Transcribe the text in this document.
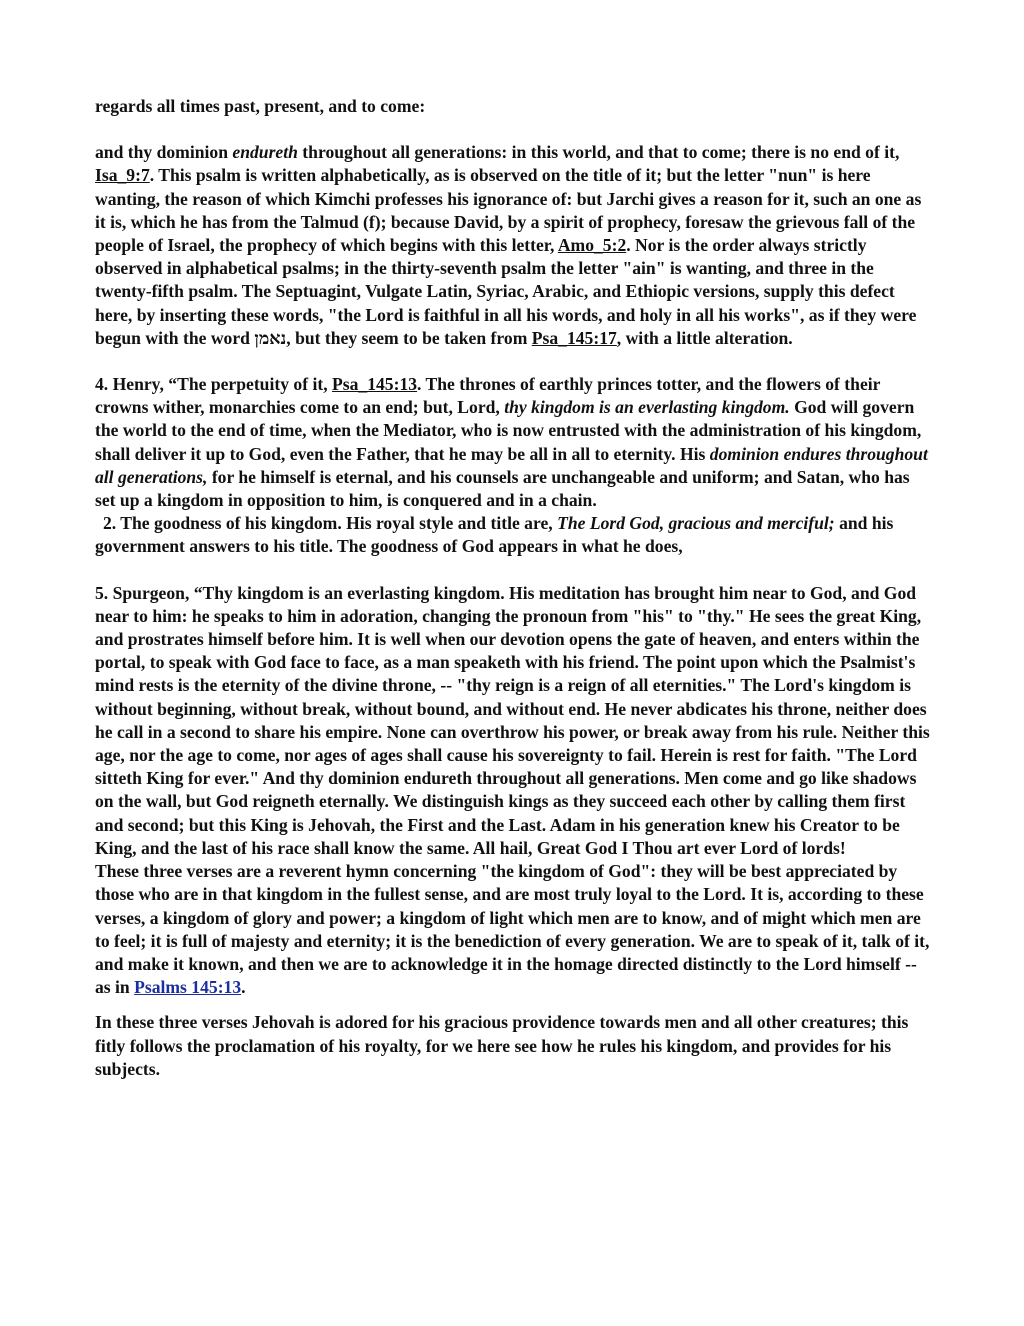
regards all times past, present, and to come:

and thy dominion endureth throughout all generations: in this world, and that to come; there is no end of it, Isa_9:7. This psalm is written alphabetically, as is observed on the title of it; but the letter "nun" is here wanting, the reason of which Kimchi professes his ignorance of: but Jarchi gives a reason for it, such an one as it is, which he has from the Talmud (f); because David, by a spirit of prophecy, foresaw the grievous fall of the people of Israel, the prophecy of which begins with this letter, Amo_5:2. Nor is the order always strictly observed in alphabetical psalms; in the thirty-seventh psalm the letter "ain" is wanting, and three in the twenty-fifth psalm. The Septuagint, Vulgate Latin, Syriac, Arabic, and Ethiopic versions, supply this defect here, by inserting these words, "the Lord is faithful in all his words, and holy in all his works", as if they were begun with the word נאמן, but they seem to be taken from Psa_145:17, with a little alteration.

4. Henry, “The perpetuity of it, Psa_145:13. The thrones of earthly princes totter, and the flowers of their crowns wither, monarchies come to an end; but, Lord, thy kingdom is an everlasting kingdom. God will govern the world to the end of time, when the Mediator, who is now entrusted with the administration of his kingdom, shall deliver it up to God, even the Father, that he may be all in all to eternity. His dominion endures throughout all generations, for he himself is eternal, and his counsels are unchangeable and uniform; and Satan, who has set up a kingdom in opposition to him, is conquered and in a chain.

2. The goodness of his kingdom. His royal style and title are, The Lord God, gracious and merciful; and his government answers to his title. The goodness of God appears in what he does,

5. Spurgeon, “Thy kingdom is an everlasting kingdom. His meditation has brought him near to God, and God near to him: he speaks to him in adoration, changing the pronoun from "his" to "thy." He sees the great King, and prostrates himself before him. It is well when our devotion opens the gate of heaven, and enters within the portal, to speak with God face to face, as a man speaketh with his friend. The point upon which the Psalmist's mind rests is the eternity of the divine throne, -- "thy reign is a reign of all eternities." The Lord's kingdom is without beginning, without break, without bound, and without end. He never abdicates his throne, neither does he call in a second to share his empire. None can overthrow his power, or break away from his rule. Neither this age, nor the age to come, nor ages of ages shall cause his sovereignty to fail. Herein is rest for faith. "The Lord sitteth King for ever." And thy dominion endureth throughout all generations. Men come and go like shadows on the wall, but God reigneth eternally. We distinguish kings as they succeed each other by calling them first and second; but this King is Jehovah, the First and the Last. Adam in his generation knew his Creator to be King, and the last of his race shall know the same. All hail, Great God I Thou art ever Lord of lords!

These three verses are a reverent hymn concerning "the kingdom of God": they will be best appreciated by those who are in that kingdom in the fullest sense, and are most truly loyal to the Lord. It is, according to these verses, a kingdom of glory and power; a kingdom of light which men are to know, and of might which men are to feel; it is full of majesty and eternity; it is the benediction of every generation. We are to speak of it, talk of it, and make it known, and then we are to acknowledge it in the homage directed distinctly to the Lord himself -- as in Psalms 145:13.

In these three verses Jehovah is adored for his gracious providence towards men and all other creatures; this fitly follows the proclamation of his royalty, for we here see how he rules his kingdom, and provides for his subjects.
